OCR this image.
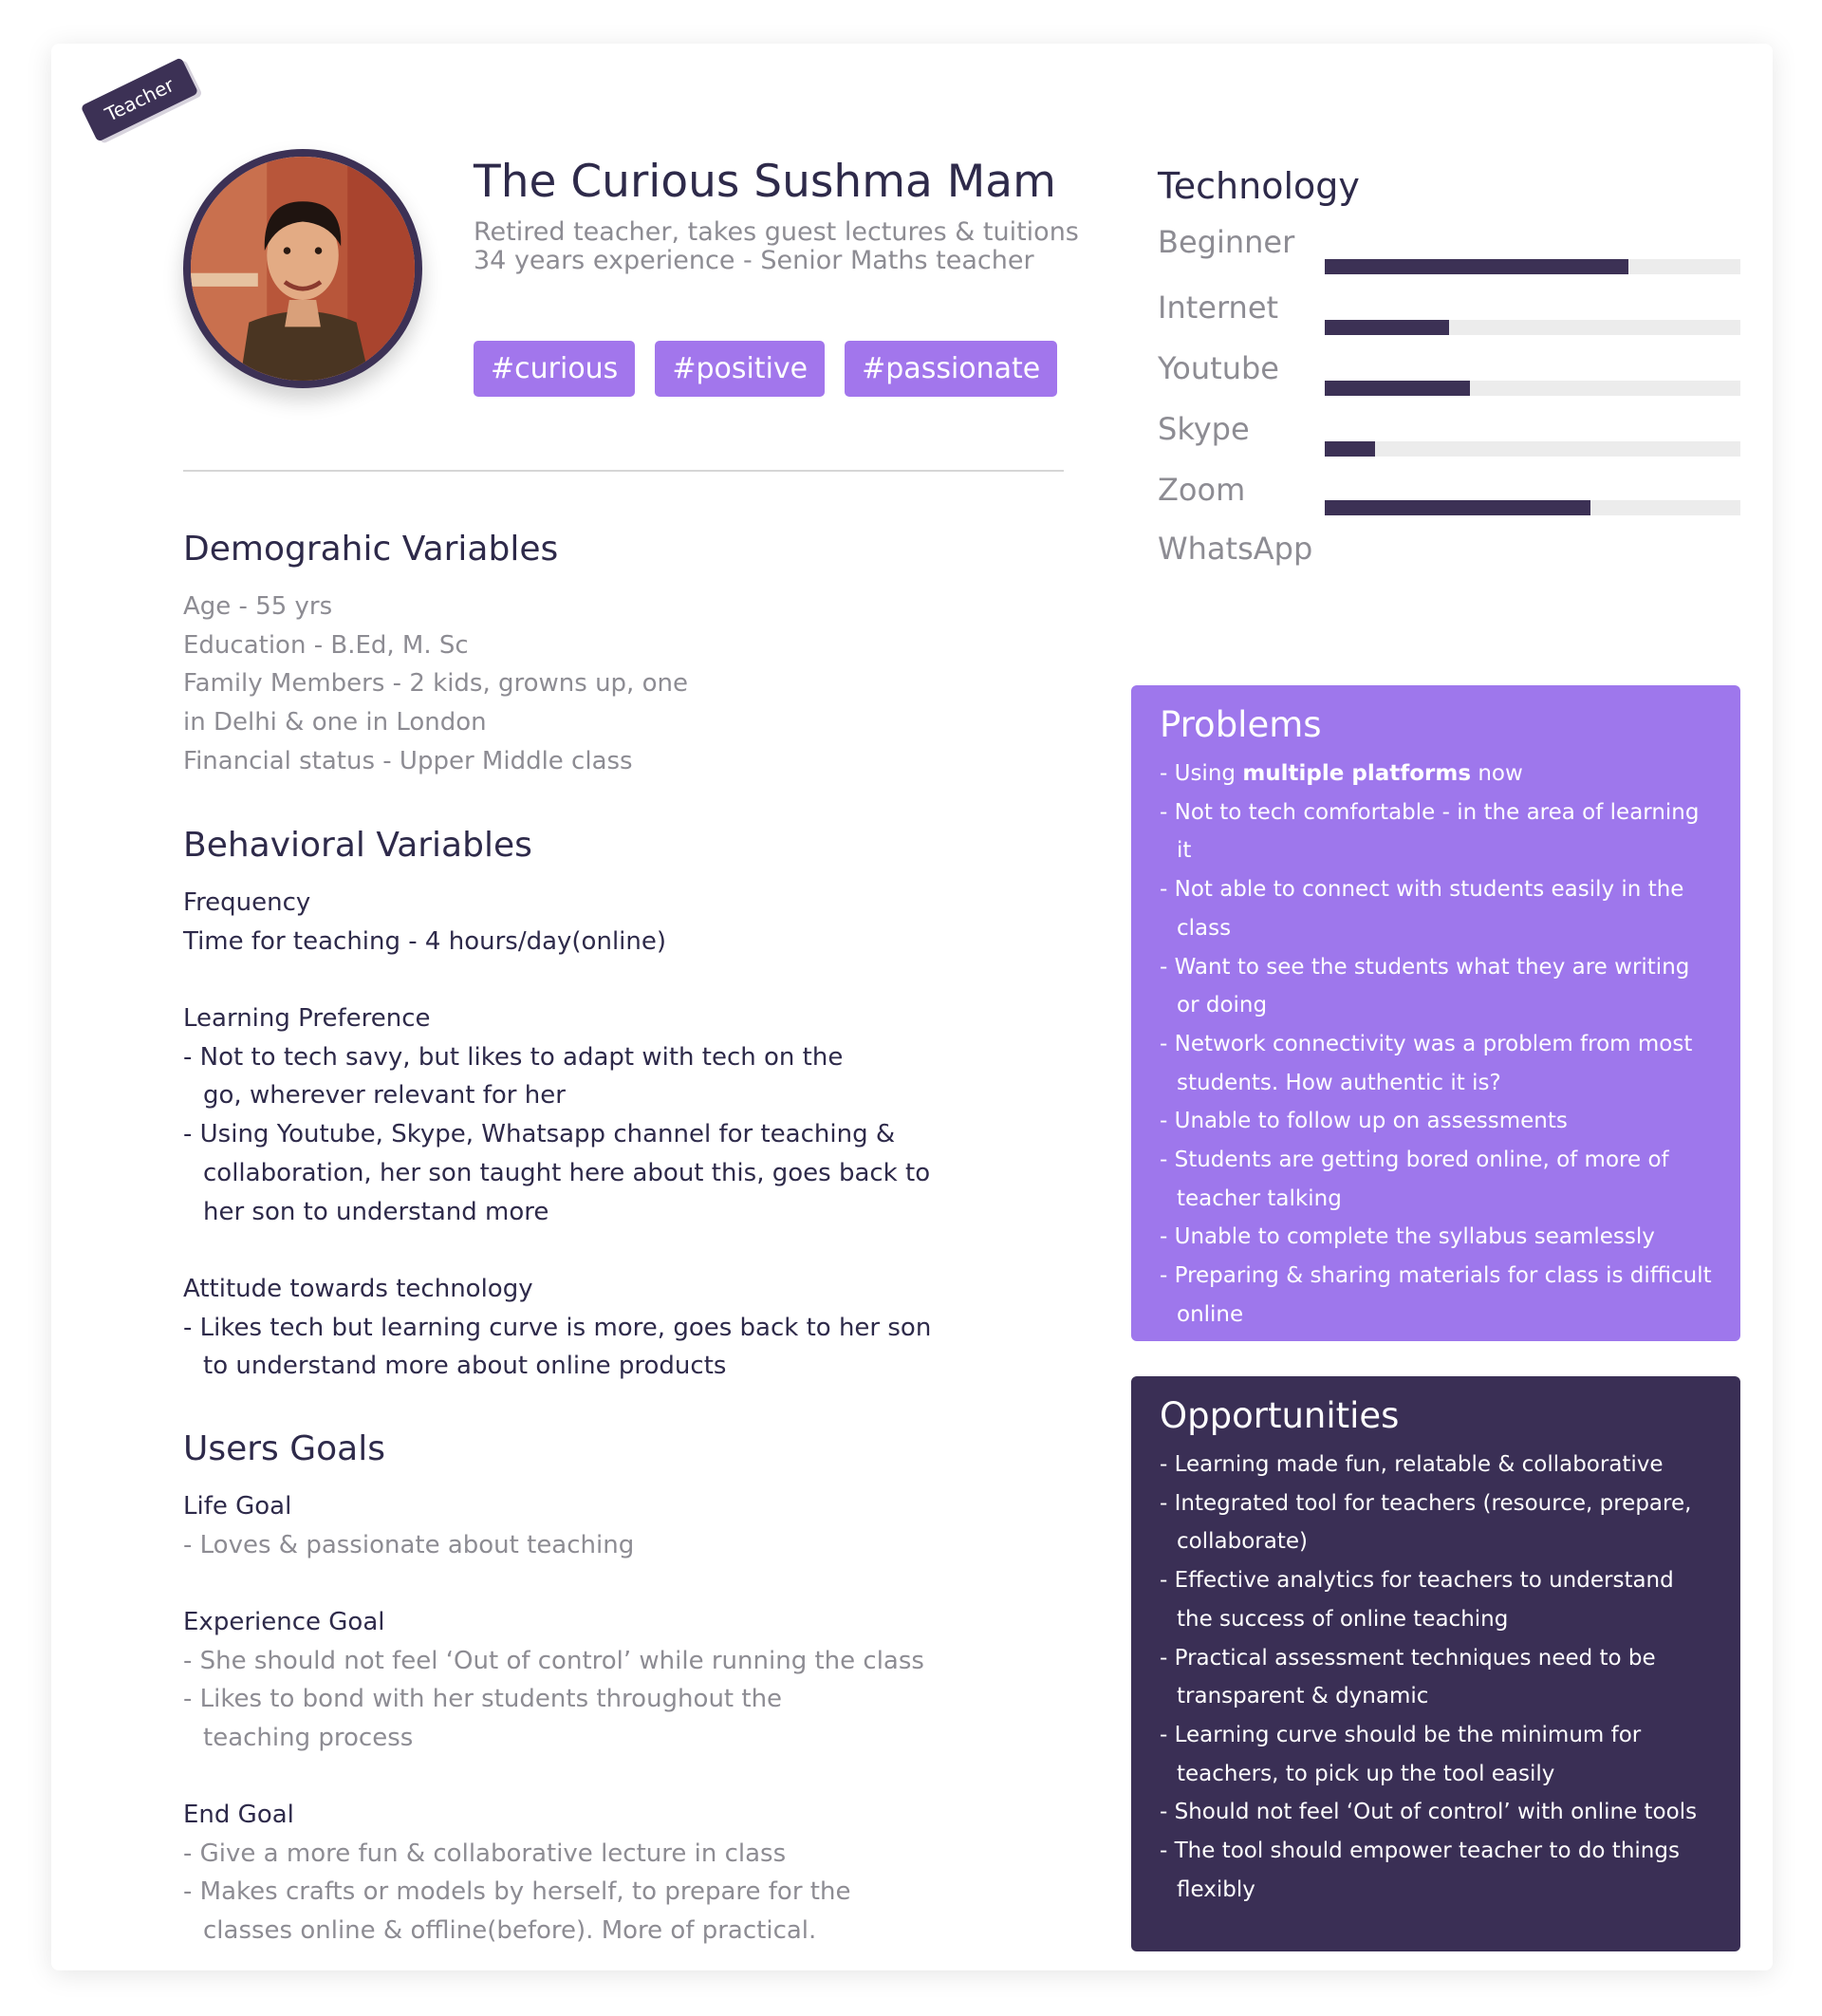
Teacher
The Curious Sushma Mam
Retired teacher, takes guest lectures & tuitions
34 years experience - Senior Maths teacher
#curious	#positive	#passionate
Demograhic Variables
Age - 55 yrs
Education - B.Ed, M. Sc
Family Members - 2 kids, growns up, one
in Delhi & one in London
Financial status - Upper Middle class
Behavioral Variables
Frequency
Time for teaching - 4 hours/day(online)
Learning Preference
- Not to tech savy, but likes to adapt with tech on the go, wherever relevant for her
- Using Youtube, Skype, Whatsapp channel for teaching & collaboration, her son taught here about this, goes back to her son to understand more
Attitude towards technology
- Likes tech but learning curve is more, goes back to her son to understand more about online products
Users Goals
Life Goal
- Loves & passionate about teaching
Experience Goal
- She should not feel ‘Out of control’ while running the class
- Likes to bond with her students throughout the teaching process
End Goal
- Give a more fun & collaborative lecture in class
- Makes crafts or models by herself, to prepare for the classes online & offline(before). More of practical.
Technology
Beginner
Internet
Youtube
Skype
Zoom
WhatsApp
Problems
- Using multiple platforms now
- Not to tech comfortable - in the area of learning it
- Not able to connect with students easily in the class
- Want to see the students what they are writing or doing
- Network connectivity was a problem from most students. How authentic it is?
- Unable to follow up on assessments
- Students are getting bored online, of more of teacher talking
- Unable to complete the syllabus seamlessly
- Preparing & sharing materials for class is difficult online
Opportunities
- Learning made fun, relatable & collaborative
- Integrated tool for teachers (resource, prepare, collaborate)
- Effective analytics for teachers to understand the success of online teaching
- Practical assessment techniques need to be transparent & dynamic
- Learning curve should be the minimum for teachers, to pick up the tool easily
- Should not feel ‘Out of control’ with online tools
- The tool should empower teacher to do things flexibly
